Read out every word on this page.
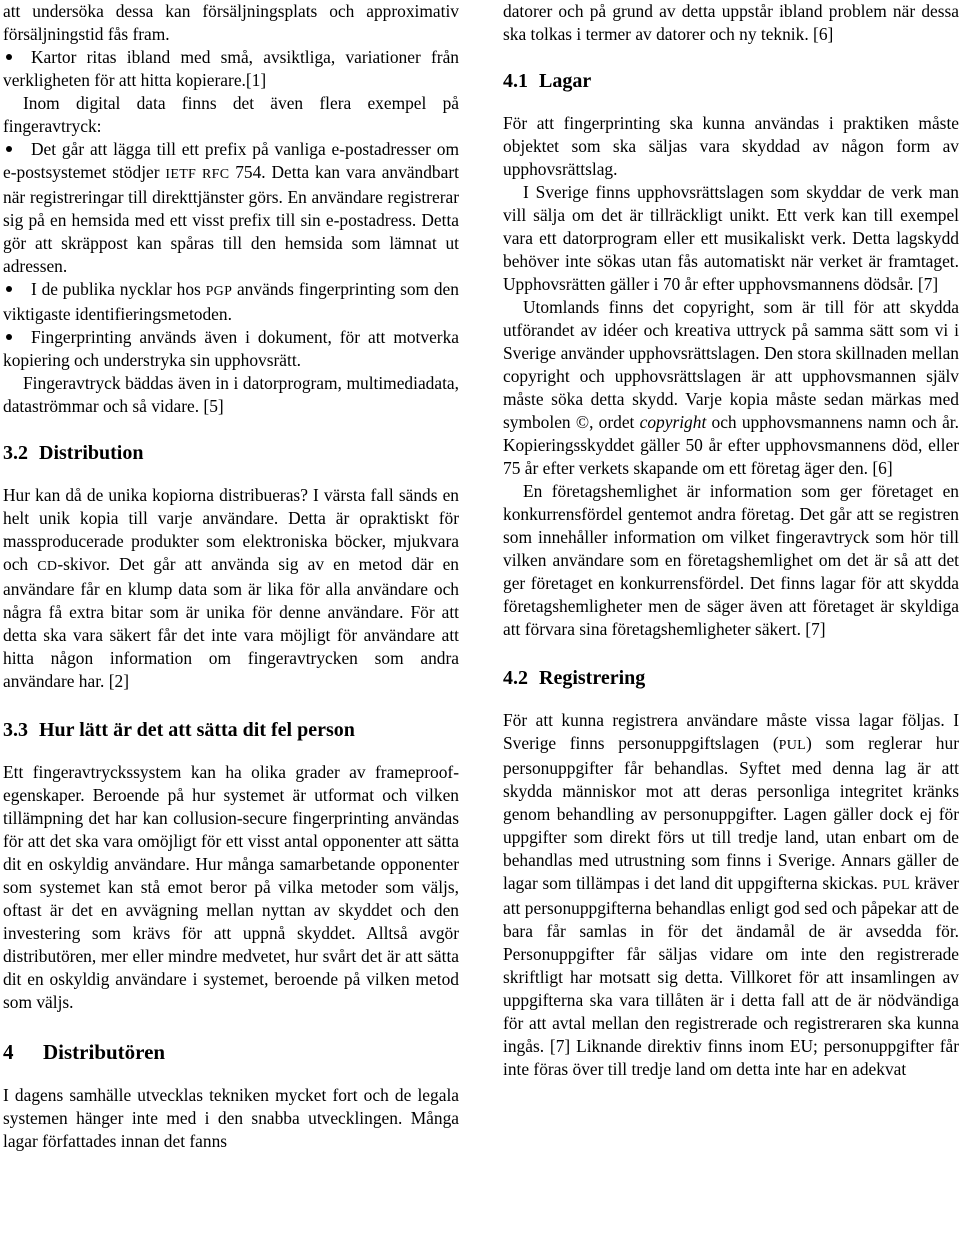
att undersöka dessa kan försäljningsplats och approximativ försäljningstid fås fram.

Kartor ritas ibland med små, avsiktliga, variationer från verkligheten för att hitta kopierare.[1]

Inom digital data finns det även flera exempel på fingeravtryck:

Det går att lägga till ett prefix på vanliga e-postadresser om e-postsystemet stödjer IETF RFC 754. Detta kan vara användbart när registreringar till direkttjänster görs. En användare registrerar sig på en hemsida med ett visst prefix till sin e-postadress. Detta gör att skräppost kan spåras till den hemsida som lämnat ut adressen.

I de publika nycklar hos PGP används fingerprinting som den viktigaste identifieringsmetoden.

Fingerprinting används även i dokument, för att motverka kopiering och understryka sin upphovsrätt.

Fingeravtryck bäddas även in i datorprogram, multimediadata, dataströmmar och så vidare. [5]

3.2 Distribution

Hur kan då de unika kopiorna distribueras? I värsta fall sänds en helt unik kopia till varje användare. Detta är opraktiskt för massproducerade produkter som elektroniska böcker, mjukvara och CD-skivor. Det går att använda sig av en metod där en användare får en klump data som är lika för alla användare och några få extra bitar som är unika för denne användare. För att detta ska vara säkert får det inte vara möjligt för användare att hitta någon information om fingeravtrycken som andra användare har. [2]

3.3 Hur lätt är det att sätta dit fel person

Ett fingeravtryckssystem kan ha olika grader av frameproof-egenskaper. Beroende på hur systemet är utformat och vilken tillämpning det har kan collusion-secure fingerprinting användas för att det ska vara omöjligt för ett visst antal opponenter att sätta dit en oskyldig användare. Hur många samarbetande opponenter som systemet kan stå emot beror på vilka metoder som väljs, oftast är det en avvägning mellan nyttan av skyddet och den investering som krävs för att uppnå skyddet. Alltså avgör distributören, mer eller mindre medvetet, hur svårt det är att sätta dit en oskyldig användare i systemet, beroende på vilken metod som väljs.

4 Distributören

I dagens samhälle utvecklas tekniken mycket fort och de legala systemen hänger inte med i den snabba utvecklingen. Många lagar författades innan det fanns

datorer och på grund av detta uppstår ibland problem när dessa ska tolkas i termer av datorer och ny teknik. [6]

4.1 Lagar

För att fingerprinting ska kunna användas i praktiken måste objektet som ska säljas vara skyddad av någon form av upphovsrättslag.

I Sverige finns upphovsrättslagen som skyddar de verk man vill sälja om det är tillräckligt unikt. Ett verk kan till exempel vara ett datorprogram eller ett musikaliskt verk. Detta lagskydd behöver inte sökas utan fås automatiskt när verket är framtaget. Upphovsrätten gäller i 70 år efter upphovsmannens dödsår. [7]

Utomlands finns det copyright, som är till för att skydda utförandet av idéer och kreativa uttryck på samma sätt som vi i Sverige använder upphovsrättslagen. Den stora skillnaden mellan copyright och upphovsrättslagen är att upphovsmannen själv måste söka detta skydd. Varje kopia måste sedan märkas med symbolen ©, ordet copyright och upphovsmannens namn och år. Kopieringsskyddet gäller 50 år efter upphovsmannens död, eller 75 år efter verkets skapande om ett företag äger den. [6]

En företagshemlighet är information som ger företaget en konkurrensfördel gentemot andra företag. Det går att se registren som innehåller information om vilket fingeravtryck som hör till vilken användare som en företagshemlighet om det är så att det ger företaget en konkurrensfördel. Det finns lagar för att skydda företagshemligheter men de säger även att företaget är skyldiga att förvara sina företagshemligheter säkert. [7]

4.2 Registrering

För att kunna registrera användare måste vissa lagar följas. I Sverige finns personuppgiftslagen (PUL) som reglerar hur personuppgifter får behandlas. Syftet med denna lag är att skydda människor mot att deras personliga integritet kränks genom behandling av personuppgifter. Lagen gäller dock ej för uppgifter som direkt förs ut till tredje land, utan enbart om de behandlas med utrustning som finns i Sverige. Annars gäller de lagar som tillämpas i det land dit uppgifterna skickas. PUL kräver att personuppgifterna behandlas enligt god sed och påpekar att de bara får samlas in för det ändamål de är avsedda för. Personuppgifter får säljas vidare om inte den registrerade skriftligt har motsatt sig detta. Villkoret för att insamlingen av uppgifterna ska vara tillåten är i detta fall att de är nödvändiga för att avtal mellan den registrerade och registreraren ska kunna ingås. [7] Liknande direktiv finns inom EU; personuppgifter får inte föras över till tredje land om detta inte har en adekvat
